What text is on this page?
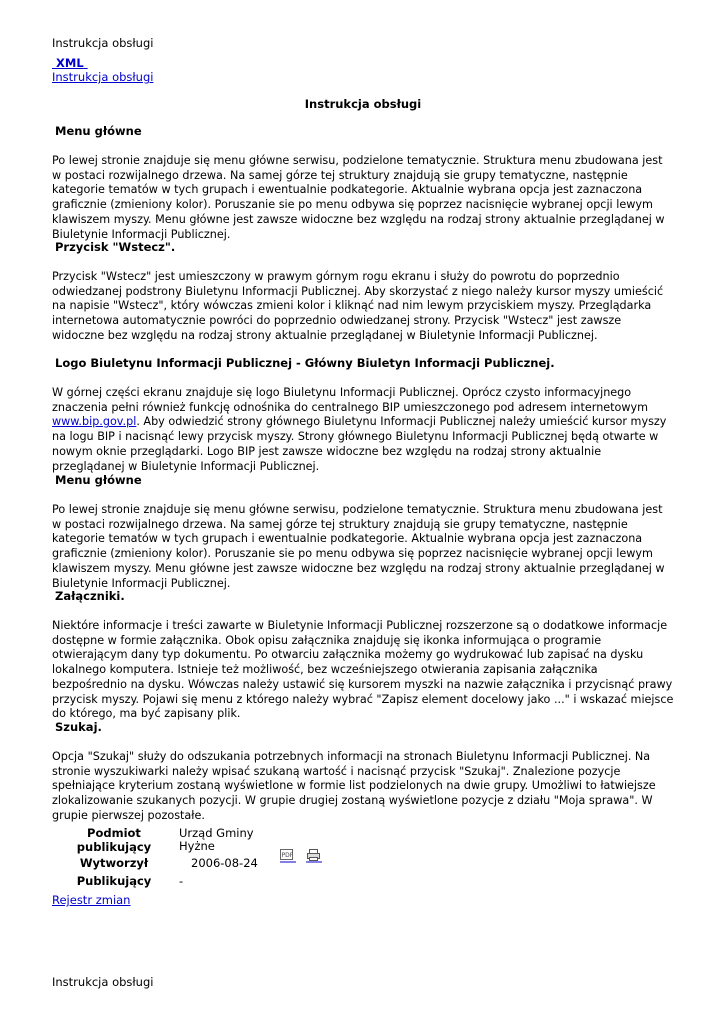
Instrukcja obsługi
XML
Instrukcja obsługi
Instrukcja obsługi
Menu główne

Po lewej stronie znajduje się menu główne serwisu, podzielone tematycznie. Struktura menu zbudowana jest w postaci rozwijalnego drzewa. Na samej górze tej struktury znajdują sie grupy tematyczne, następnie kategorie tematów w tych grupach i ewentualnie podkategorie. Aktualnie wybrana opcja jest zaznaczona graficznie (zmieniony kolor). Poruszanie sie po menu odbywa się poprzez nacisnięcie wybranej opcji lewym klawiszem myszy. Menu główne jest zawsze widoczne bez względu na rodzaj strony aktualnie przeglądanej w Biuletynie Informacji Publicznej.

Przycisk "Wstecz".

Przycisk "Wstecz" jest umieszczony w prawym górnym rogu ekranu i służy do powrotu do poprzednio odwiedzanej podstrony Biuletynu Informacji Publicznej. Aby skorzystać z niego należy kursor myszy umieścić na napisie "Wstecz", który wówczas zmieni kolor i kliknąć nad nim lewym przyciskiem myszy. Przeglądarka internetowa automatycznie powróci do poprzednio odwiedzanej strony. Przycisk "Wstecz" jest zawsze widoczne bez względu na rodzaj strony aktualnie przeglądanej w Biuletynie Informacji Publicznej.

Logo Biuletynu Informacji Publicznej - Główny Biuletyn Informacji Publicznej.

W górnej części ekranu znajduje się logo Biuletynu Informacji Publicznej. Oprócz czysto informacyjnego znaczenia pełni również funkcję odnośnika do centralnego BIP umieszczonego pod adresem internetowym www.bip.gov.pl. Aby odwiedzić strony głównego Biuletynu Informacji Publicznej należy umieścić kursor myszy na logu BIP i nacisnąć lewy przycisk myszy. Strony głównego Biuletynu Informacji Publicznej będą otwarte w nowym oknie przeglądarki. Logo BIP jest zawsze widoczne bez względu na rodzaj strony aktualnie przeglądanej w Biuletynie Informacji Publicznej.

Menu główne

Po lewej stronie znajduje się menu główne serwisu, podzielone tematycznie. Struktura menu zbudowana jest w postaci rozwijalnego drzewa. Na samej górze tej struktury znajdują sie grupy tematyczne, następnie kategorie tematów w tych grupach i ewentualnie podkategorie. Aktualnie wybrana opcja jest zaznaczona graficznie (zmieniony kolor). Poruszanie sie po menu odbywa się poprzez nacisnięcie wybranej opcji lewym klawiszem myszy. Menu główne jest zawsze widoczne bez względu na rodzaj strony aktualnie przeglądanej w Biuletynie Informacji Publicznej.

Załączniki.

Niektóre informacje i treści zawarte w Biuletynie Informacji Publicznej rozszerzone są o dodatkowe informacje dostępne w formie załącznika. Obok opisu załącznika znajduję się ikonka informująca o programie otwierającym dany typ dokumentu. Po otwarciu załącznika możemy go wydrukować lub zapisać na dysku lokalnego komputera. Istnieje też możliwość, bez wcześniejszego otwierania zapisania załącznika bezpośrednio na dysku. Wówczas należy ustawić się kursorem myszki na nazwie załącznika i przycisnąć prawy przycisk myszy. Pojawi się menu z którego należy wybrać "Zapisz element docelowy jako ..." i wskazać miejsce do którego, ma być zapisany plik.

Szukaj.

Opcja "Szukaj" służy do odszukania potrzebnych informacji na stronach Biuletynu Informacji Publicznej. Na stronie wyszukiwarki należy wpisać szukaną wartość i nacisnąć przycisk "Szukaj". Znalezione pozycje spełniające kryterium zostaną wyświetlone w formie list podzielonych na dwie grupy. Umożliwi to łatwiejsze zlokalizowanie szukanych pozycji. W grupie drugiej zostaną wyświetlone pozycje z działu "Moja sprawa". W grupie pierwszej pozostałe.

Podmiot publikujący	Urząd Gminy Hyżne
Wytworzył	2006-08-24
Publikujący	-
PDF

Rejestr zmian
Instrukcja obsługi
